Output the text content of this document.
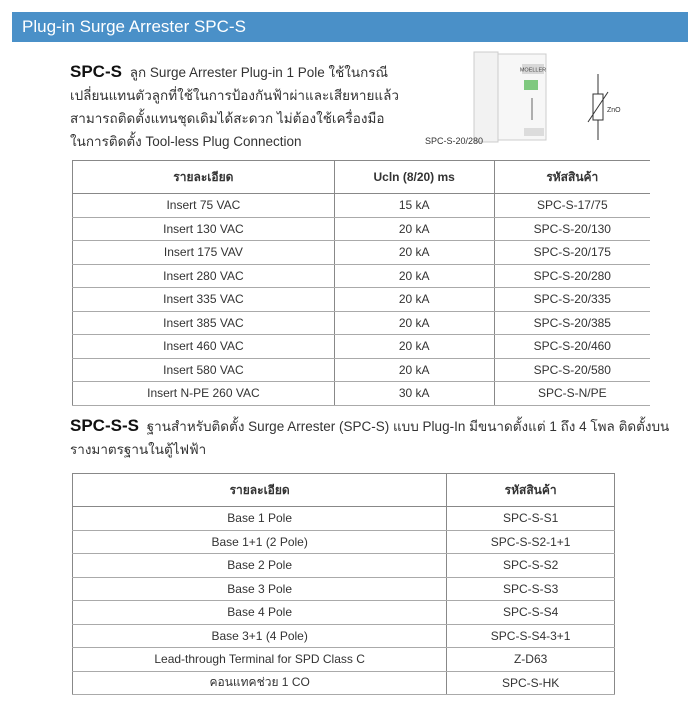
Plug-in Surge Arrester SPC-S
SPC-S ลูก Surge Arrester Plug-in 1 Pole ใช้ในกรณีเปลี่ยนแทนตัวลูกที่ใช้ในการป้องกันฟ้าผ่าและเสียหายแล้ว สามารถติดตั้งแทนชุดเดิมได้สะดวก ไม่ต้องใช้เครื่องมือในการติดตั้ง Tool-less Plug Connection
MOELLER
SPC-S-20/280
ZnO
รายละเอียด	Ucln (8/20) ms	รหัสสินค้า
Insert 75 VAC	15 kA	SPC-S-17/75
Insert 130 VAC	20 kA	SPC-S-20/130
Insert 175 VAV	20 kA	SPC-S-20/175
Insert 280 VAC	20 kA	SPC-S-20/280
Insert 335 VAC	20 kA	SPC-S-20/335
Insert 385 VAC	20 kA	SPC-S-20/385
Insert 460 VAC	20 kA	SPC-S-20/460
Insert 580 VAC	20 kA	SPC-S-20/580
Insert N-PE 260 VAC	30 kA	SPC-S-N/PE
SPC-S-S ฐานสำหรับติดตั้ง Surge Arrester (SPC-S) แบบ Plug-In มีขนาดตั้งแต่ 1 ถึง 4 โพล ติดตั้งบนรางมาตรฐานในตู้ไฟฟ้า
รายละเอียด	รหัสสินค้า
Base 1 Pole	SPC-S-S1
Base 1+1 (2 Pole)	SPC-S-S2-1+1
Base 2 Pole	SPC-S-S2
Base 3 Pole	SPC-S-S3
Base 4 Pole	SPC-S-S4
Base 3+1 (4 Pole)	SPC-S-S4-3+1
Lead-through Terminal for SPD Class C	Z-D63
คอนแทคช่วย 1 CO	SPC-S-HK
